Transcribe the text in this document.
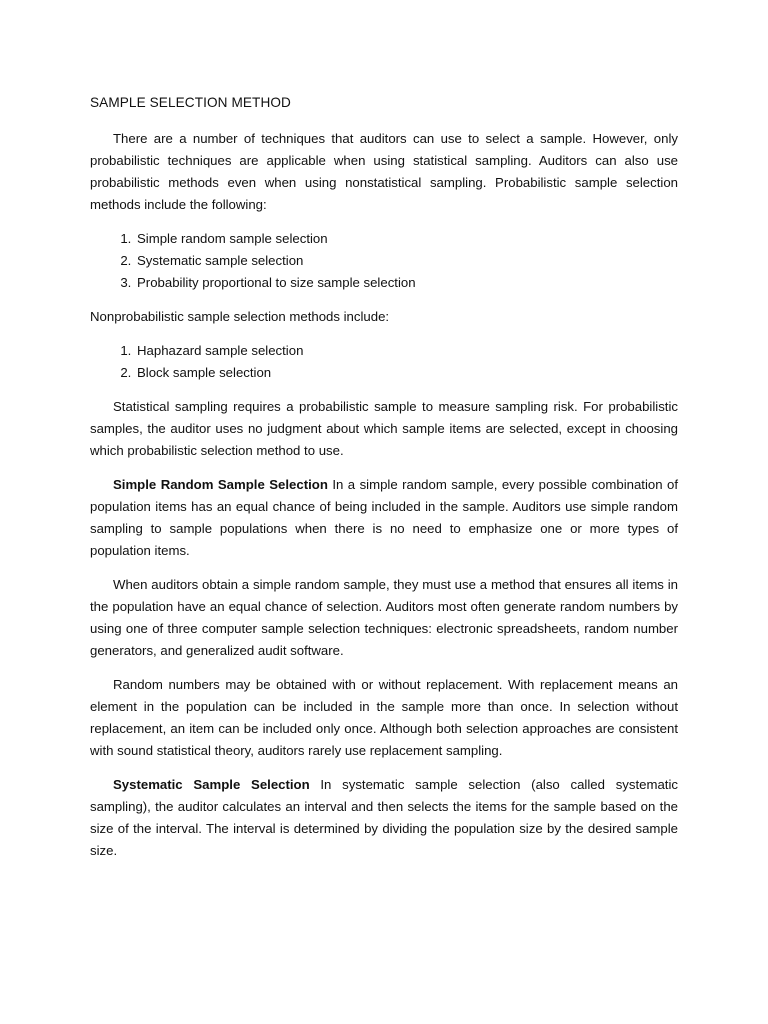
SAMPLE SELECTION METHOD

There are a number of techniques that auditors can use to select a sample. However, only probabilistic techniques are applicable when using statistical sampling. Auditors can also use probabilistic methods even when using nonstatistical sampling. Probabilistic sample selection methods include the following:

1. Simple random sample selection
2. Systematic sample selection
3. Probability proportional to size sample selection

Nonprobabilistic sample selection methods include:

1. Haphazard sample selection
2. Block sample selection

Statistical sampling requires a probabilistic sample to measure sampling risk. For probabilistic samples, the auditor uses no judgment about which sample items are selected, except in choosing which probabilistic selection method to use.

Simple Random Sample Selection In a simple random sample, every possible combination of population items has an equal chance of being included in the sample. Auditors use simple random sampling to sample populations when there is no need to emphasize one or more types of population items.

When auditors obtain a simple random sample, they must use a method that ensures all items in the population have an equal chance of selection. Auditors most often generate random numbers by using one of three computer sample selection techniques: electronic spreadsheets, random number generators, and generalized audit software.

Random numbers may be obtained with or without replacement. With replacement means an element in the population can be included in the sample more than once. In selection without replacement, an item can be included only once. Although both selection approaches are consistent with sound statistical theory, auditors rarely use replacement sampling.

Systematic Sample Selection In systematic sample selection (also called systematic sampling), the auditor calculates an interval and then selects the items for the sample based on the size of the interval. The interval is determined by dividing the population size by the desired sample size.
